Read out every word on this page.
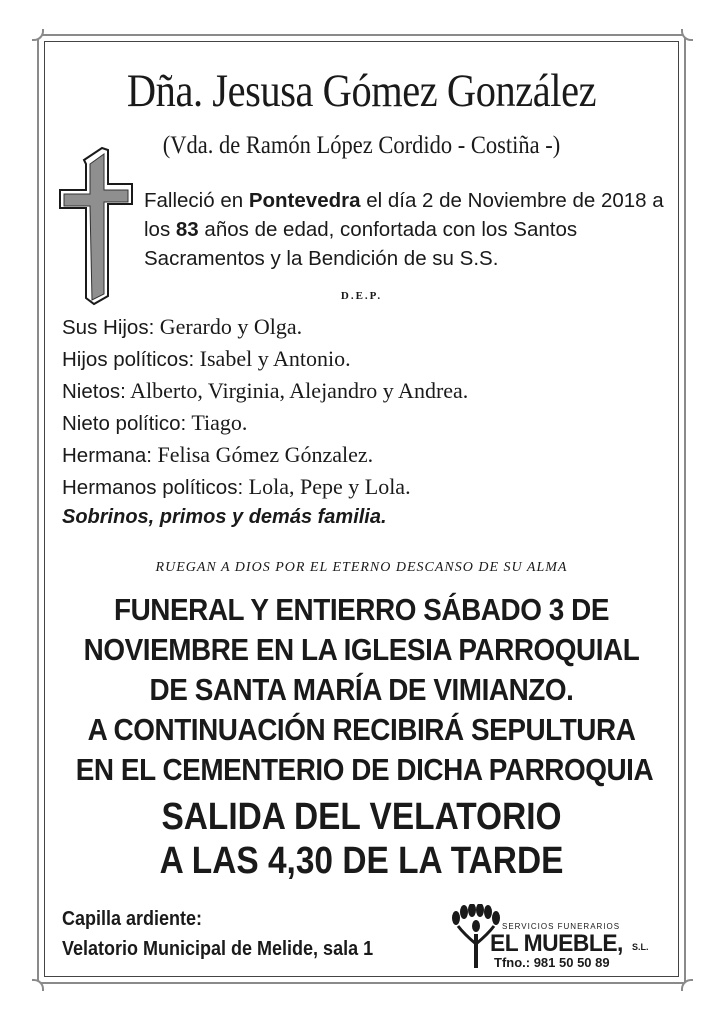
Dña. Jesusa Gómez González
(Vda. de Ramón López Cordido - Costiña -)
Falleció en Pontevedra el día 2 de Noviembre de 2018 a los 83 años de edad, confortada con los Santos Sacramentos y la Bendición de su S.S.
D.E.P.
Sus Hijos: Gerardo y Olga.
Hijos políticos: Isabel y Antonio.
Nietos: Alberto, Virginia, Alejandro y Andrea.
Nieto político: Tiago.
Hermana: Felisa Gómez Gónzalez.
Hermanos políticos: Lola, Pepe y Lola.
Sobrinos, primos y demás familia.
RUEGAN A DIOS POR EL ETERNO DESCANSO DE SU ALMA
FUNERAL Y ENTIERRO SÁBADO 3 DE
NOVIEMBRE EN LA IGLESIA PARROQUIAL
DE SANTA MARÍA DE VIMIANZO.
A CONTINUACIÓN RECIBIRÁ SEPULTURA
EN EL CEMENTERIO DE DICHA PARROQUIA
SALIDA DEL VELATORIO
A LAS 4,30 DE LA TARDE
Capilla ardiente:
Velatorio Municipal de Melide, sala 1
SERVICIOS FUNERARIOS
EL MUEBLE, S.L.
Tfno.: 981 50 50 89
